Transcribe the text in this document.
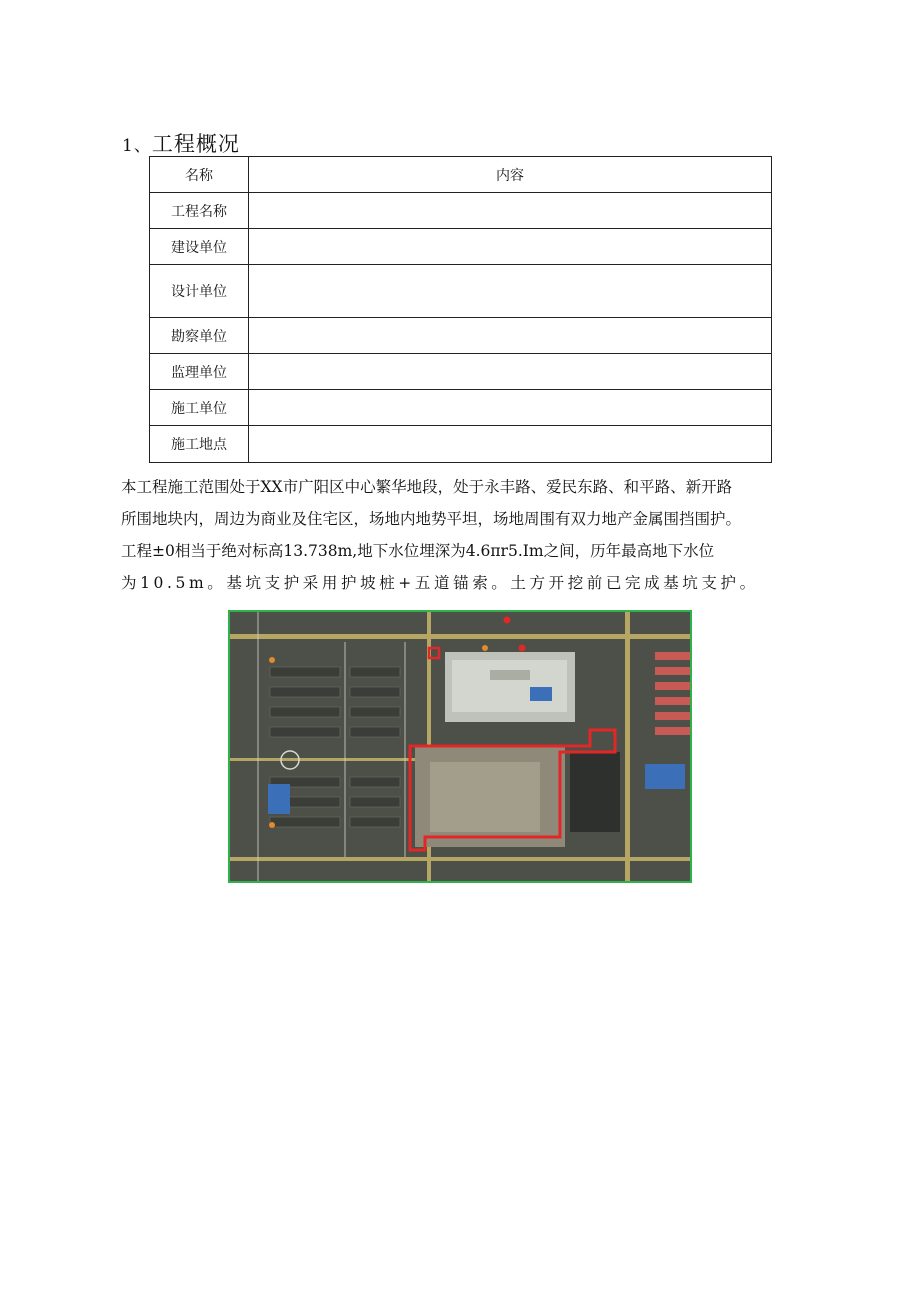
1、工程概况
名称	内容
工程名称	
建设单位	
设计单位	
勘察单位	
监理单位	
施工单位	
施工地点	
本工程施工范围处于XX市广阳区中心繁华地段，处于永丰路、爱民东路、和平路、新开路
所围地块内，周边为商业及住宅区，场地内地势平坦，场地周围有双力地产金属围挡围护。
工程±0相当于绝对标高13.738m,地下水位埋深为4.6πr5.Im之间，历年最高地下水位
为10.5m。基坑支护采用护坡桩+五道锚索。土方开挖前已完成基坑支护。
